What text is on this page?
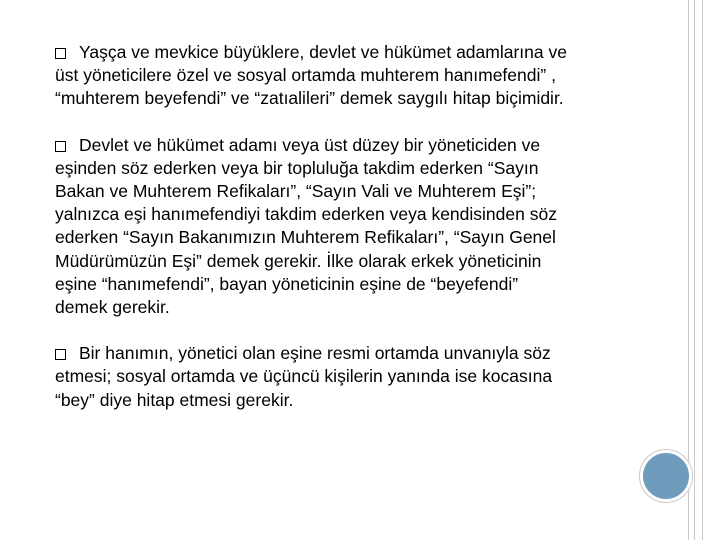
Yaşça ve mevkice büyüklere, devlet ve hükümet adamlarına ve
üst yöneticilere özel ve sosyal ortamda muhterem hanımefendi” ,
“muhterem beyefendi” ve “zatıalileri” demek saygılı hitap biçimidir.

Devlet ve hükümet adamı veya üst düzey bir yöneticiden ve
eşinden söz ederken veya bir topluluğa takdim ederken “Sayın
Bakan ve Muhterem Refikaları”, “Sayın Vali ve Muhterem Eşi”;
yalnızca eşi hanımefendiyi takdim ederken veya kendisinden söz
ederken “Sayın Bakanımızın Muhterem Refikaları”, “Sayın Genel
Müdürümüzün Eşi” demek gerekir. İlke olarak erkek yöneticinin
eşine “hanımefendi”, bayan yöneticinin eşine de “beyefendi”
demek gerekir.

Bir hanımın, yönetici olan eşine resmi ortamda unvanıyla söz
etmesi; sosyal ortamda ve üçüncü kişilerin yanında ise kocasına
“bey” diye hitap etmesi gerekir.
